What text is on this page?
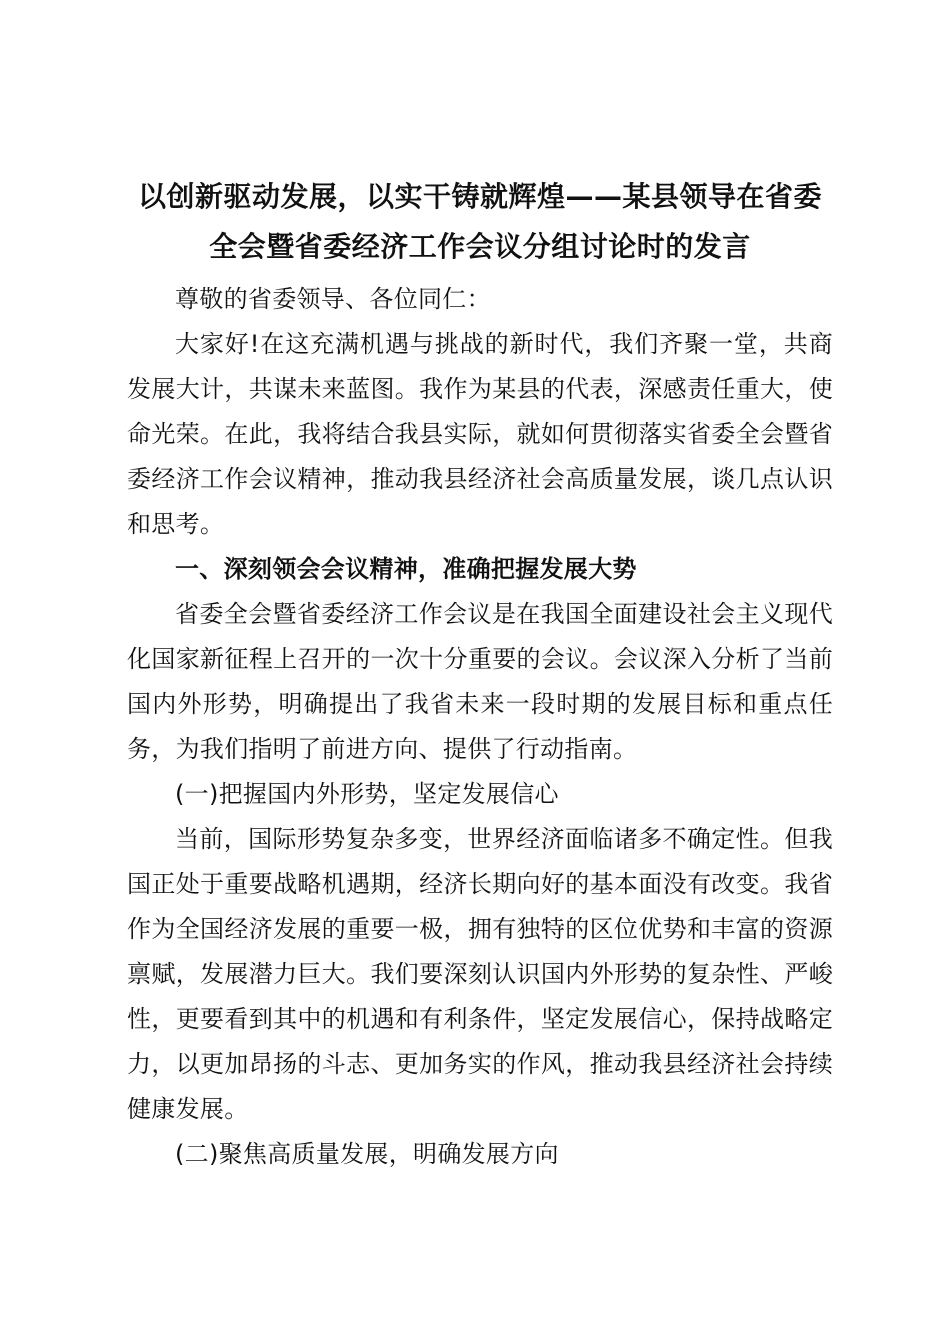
以创新驱动发展，以实干铸就辉煌——某县领导在省委
全会暨省委经济工作会议分组讨论时的发言

尊敬的省委领导、各位同仁：

大家好!在这充满机遇与挑战的新时代，我们齐聚一堂，共商发展大计，共谋未来蓝图。我作为某县的代表，深感责任重大，使命光荣。在此，我将结合我县实际，就如何贯彻落实省委全会暨省委经济工作会议精神，推动我县经济社会高质量发展，谈几点认识和思考。

一、深刻领会会议精神，准确把握发展大势

省委全会暨省委经济工作会议是在我国全面建设社会主义现代化国家新征程上召开的一次十分重要的会议。会议深入分析了当前国内外形势，明确提出了我省未来一段时期的发展目标和重点任务，为我们指明了前进方向、提供了行动指南。

(一)把握国内外形势，坚定发展信心

当前，国际形势复杂多变，世界经济面临诸多不确定性。但我国正处于重要战略机遇期，经济长期向好的基本面没有改变。我省作为全国经济发展的重要一极，拥有独特的区位优势和丰富的资源禀赋，发展潜力巨大。我们要深刻认识国内外形势的复杂性、严峻性，更要看到其中的机遇和有利条件，坚定发展信心，保持战略定力，以更加昂扬的斗志、更加务实的作风，推动我县经济社会持续健康发展。

(二)聚焦高质量发展，明确发展方向
